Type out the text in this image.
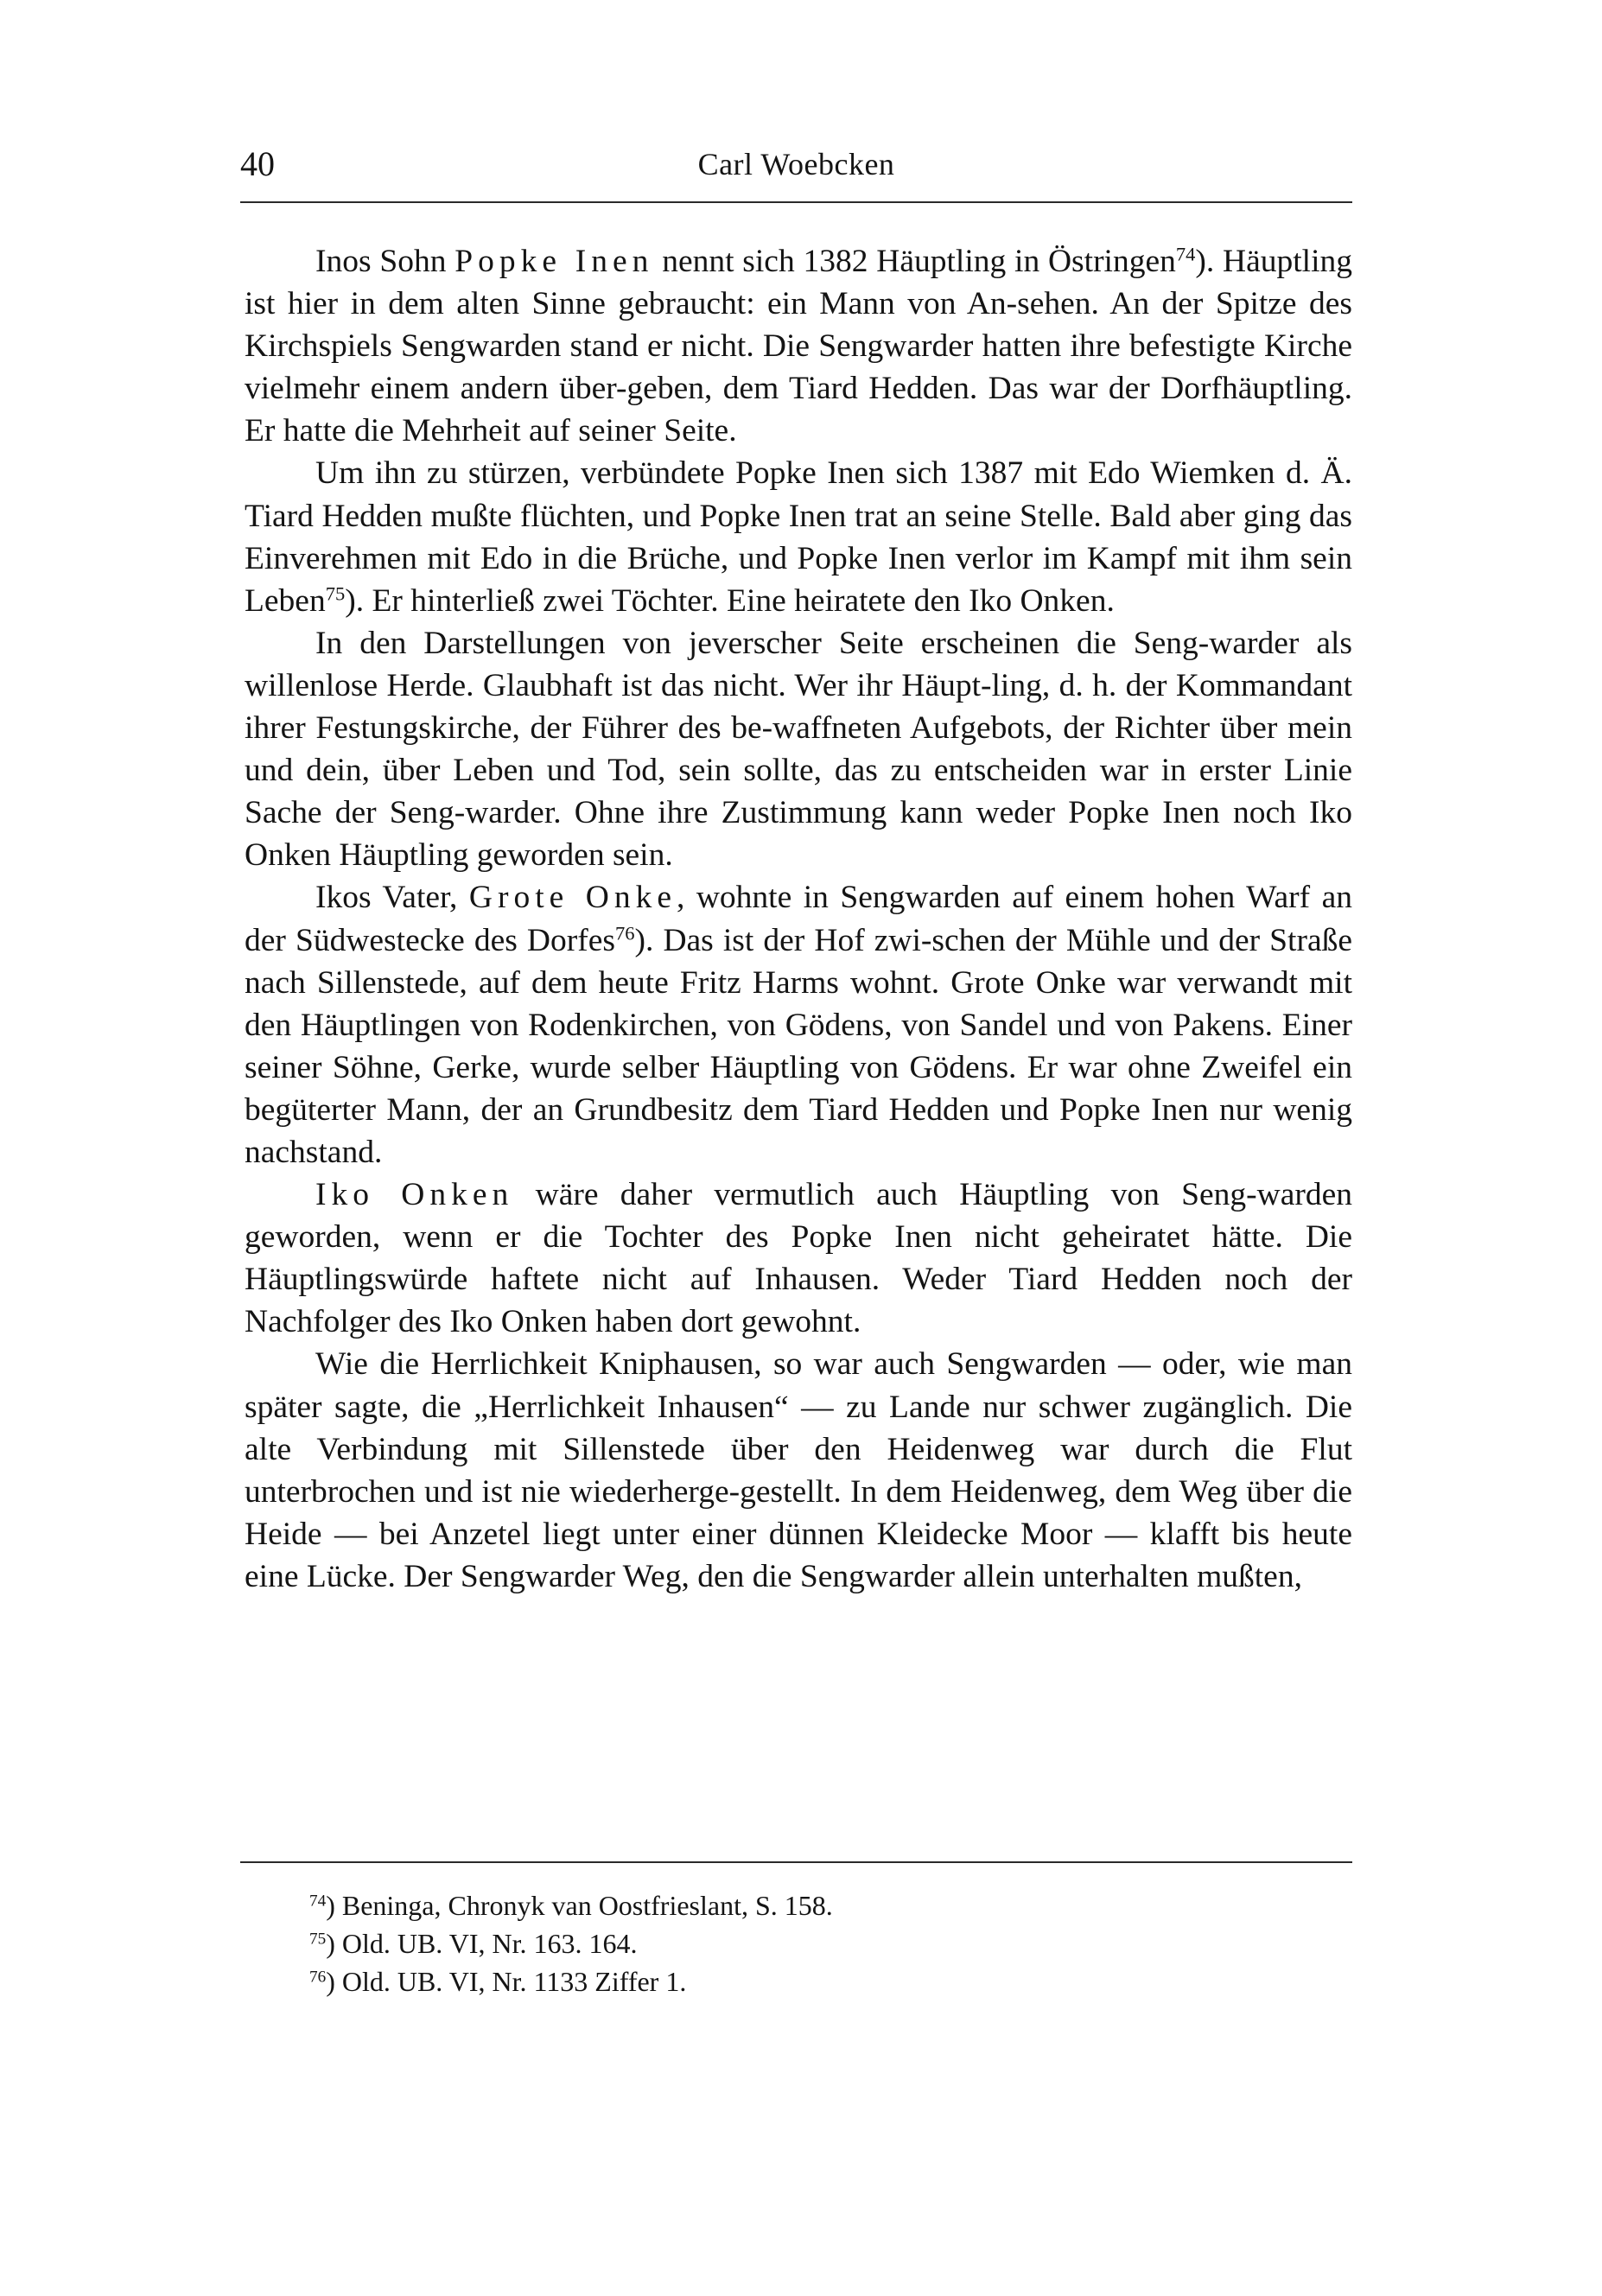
40	Carl Woebcken

Inos Sohn Popke Inen nennt sich 1382 Häuptling in Östringen$^{74}$). Häuptling ist hier in dem alten Sinne gebraucht: ein Mann von An-sehen. An der Spitze des Kirchspiels Sengwarden stand er nicht. Die Sengwarder hatten ihre befestigte Kirche vielmehr einem andern über-geben, dem Tiard Hedden. Das war der Dorfhäuptling. Er hatte die Mehrheit auf seiner Seite.

Um ihn zu stürzen, verbündete Popke Inen sich 1387 mit Edo Wiemken d. Ä. Tiard Hedden mußte flüchten, und Popke Inen trat an seine Stelle. Bald aber ging das Einverehmen mit Edo in die Brüche, und Popke Inen verlor im Kampf mit ihm sein Leben$^{75}$). Er hinterließ zwei Töchter. Eine heiratete den Iko Onken.

In den Darstellungen von jeverscher Seite erscheinen die Seng-warder als willenlose Herde. Glaubhaft ist das nicht. Wer ihr Häupt-ling, d. h. der Kommandant ihrer Festungskirche, der Führer des be-waffneten Aufgebots, der Richter über mein und dein, über Leben und Tod, sein sollte, das zu entscheiden war in erster Linie Sache der Seng-warder. Ohne ihre Zustimmung kann weder Popke Inen noch Iko Onken Häuptling geworden sein.

Ikos Vater, Grote Onke, wohnte in Sengwarden auf einem hohen Warf an der Südwestecke des Dorfes$^{76}$). Das ist der Hof zwi-schen der Mühle und der Straße nach Sillenstede, auf dem heute Fritz Harms wohnt. Grote Onke war verwandt mit den Häuptlingen von Rodenkirchen, von Gödens, von Sandel und von Pakens. Einer seiner Söhne, Gerke, wurde selber Häuptling von Gödens. Er war ohne Zweifel ein begüterter Mann, der an Grundbesitz dem Tiard Hedden und Popke Inen nur wenig nachstand.

Iko Onken wäre daher vermutlich auch Häuptling von Seng-warden geworden, wenn er die Tochter des Popke Inen nicht geheiratet hätte. Die Häuptlingswürde haftete nicht auf Inhausen. Weder Tiard Hedden noch der Nachfolger des Iko Onken haben dort gewohnt.

Wie die Herrlichkeit Kniphausen, so war auch Sengwarden — oder, wie man später sagte, die „Herrlichkeit Inhausen“ — zu Lande nur schwer zugänglich. Die alte Verbindung mit Sillenstede über den Heidenweg war durch die Flut unterbrochen und ist nie wiederherge-gestellt. In dem Heidenweg, dem Weg über die Heide — bei Anzetel liegt unter einer dünnen Kleidecke Moor — klafft bis heute eine Lücke. Der Sengwarder Weg, den die Sengwarder allein unterhalten mußten,

$^{74}$) Beninga, Chronyk van Oostfrieslant, S. 158.
$^{75}$) Old. UB. VI, Nr. 163. 164.
$^{76}$) Old. UB. VI, Nr. 1133 Ziffer 1.
